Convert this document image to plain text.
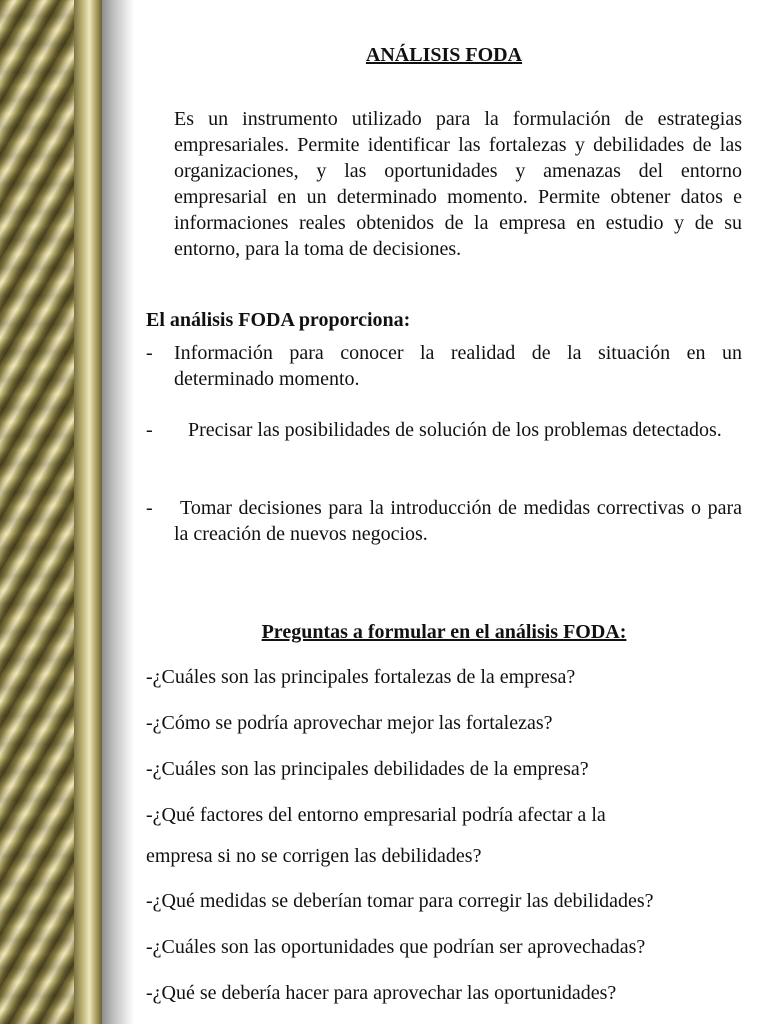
ANÁLISIS FODA

Es un instrumento utilizado para la formulación de estrategias empresariales. Permite identificar las fortalezas y debilidades de las organizaciones, y las oportunidades y amenazas del entorno empresarial en un determinado momento. Permite obtener datos e informaciones reales obtenidos de la empresa en estudio y de su entorno, para la toma de decisiones.

El análisis FODA proporciona:

- Información para conocer la realidad de la situación en un determinado momento.
-	Precisar las posibilidades de solución de los problemas detectados.
-	Tomar decisiones para la introducción de medidas correctivas o para la creación de nuevos negocios.
Preguntas a formular en el análisis FODA:

-¿Cuáles son las principales fortalezas de la empresa?

-¿Cómo se podría aprovechar mejor las fortalezas?

-¿Cuáles son las principales debilidades de la empresa?

-¿Qué factores del entorno empresarial podría afectar a la

empresa si no se corrigen las debilidades?

-¿Qué medidas se deberían tomar para corregir las debilidades?

-¿Cuáles son las oportunidades que podrían ser aprovechadas?

-¿Qué se debería hacer para aprovechar las oportunidades?
